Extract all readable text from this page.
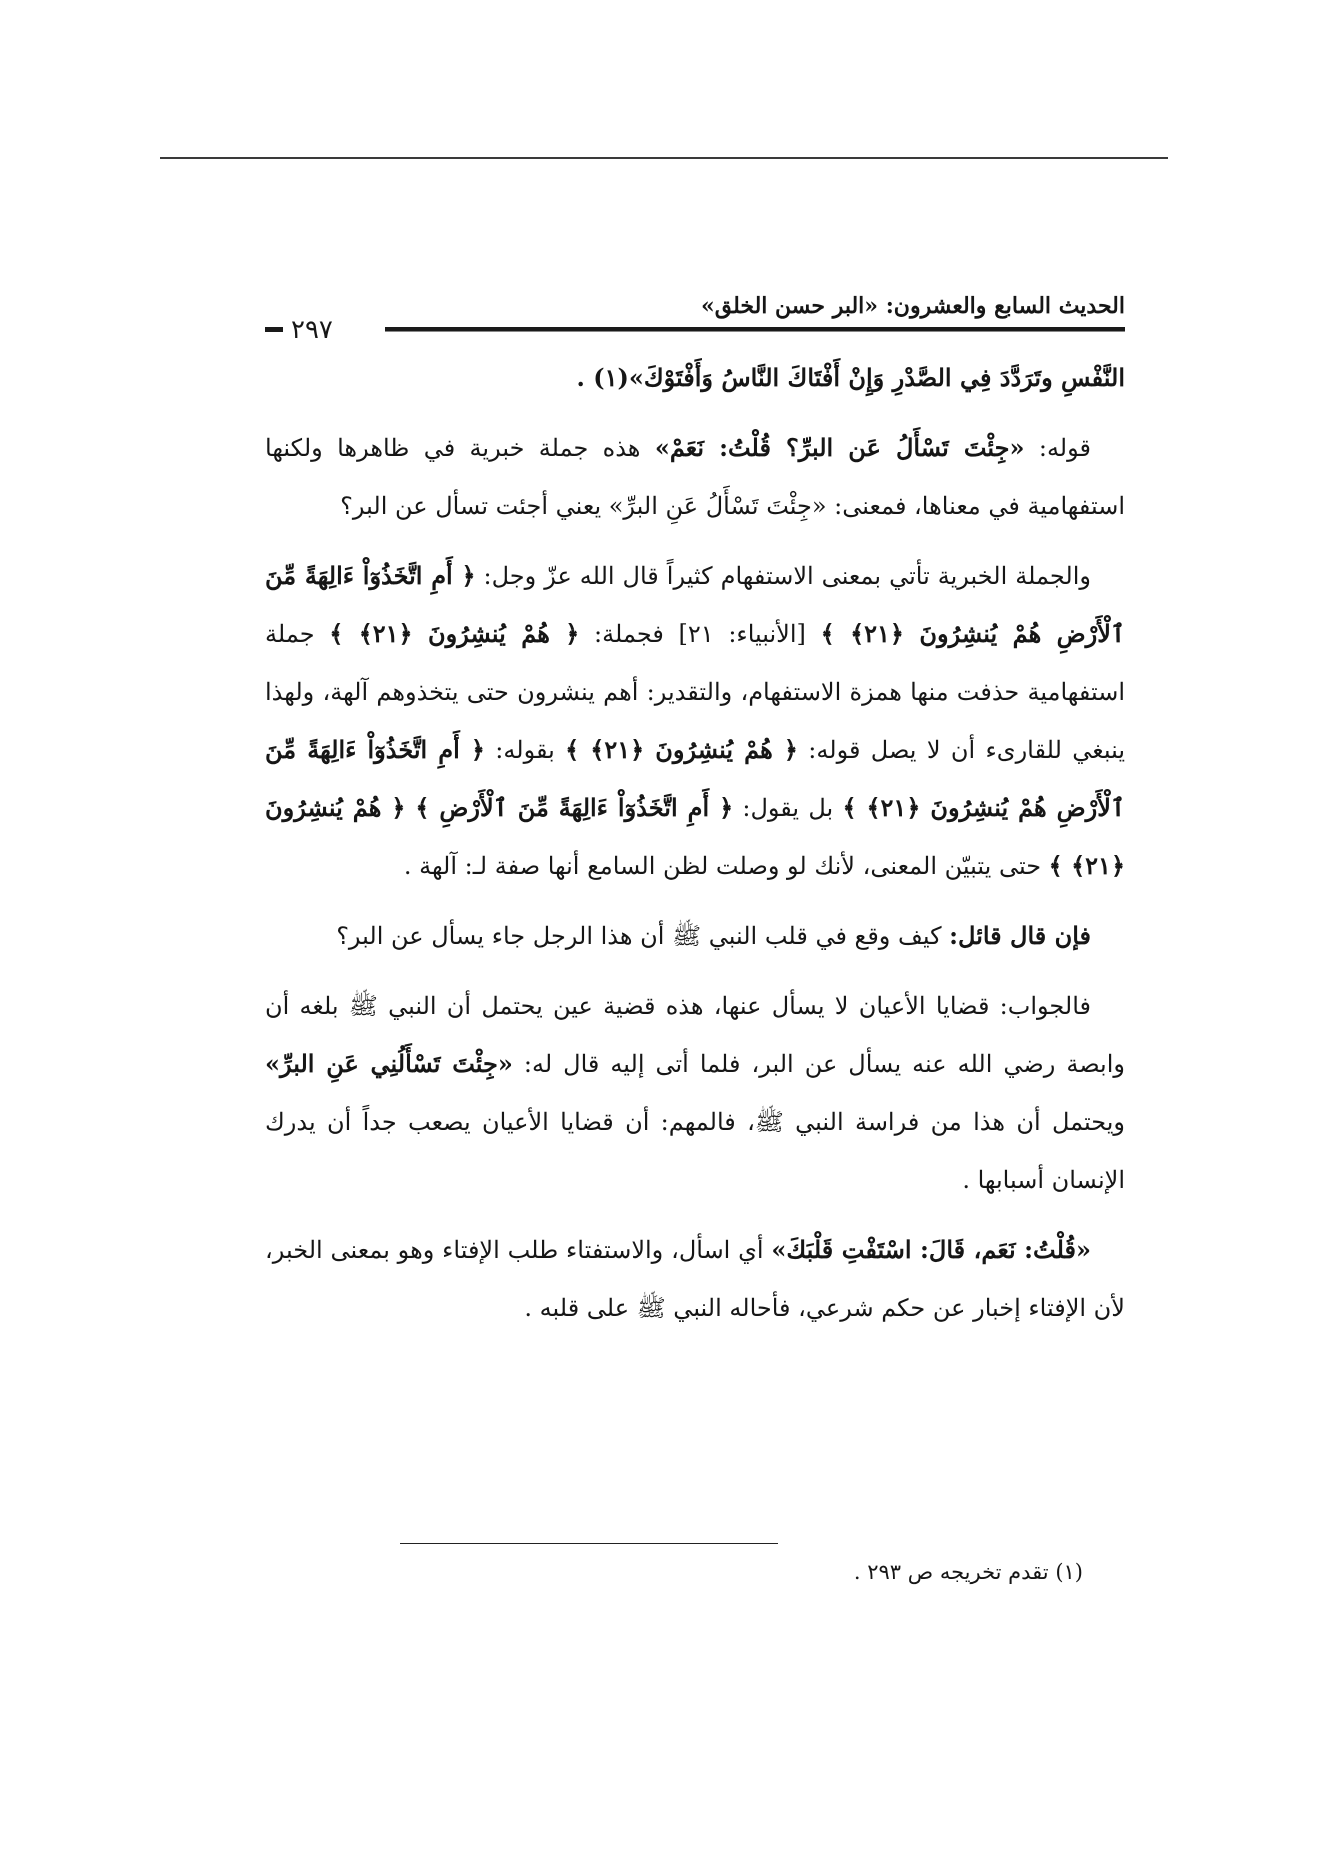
٢٩٧
الحديث السابع والعشرون: «البر حسن الخلق»

النَّفْسِ وتَرَدَّدَ فِي الصَّدْرِ وَإِنْ أَفْتَاكَ النَّاسُ وَأَفْتَوْكَ»(١) .

قوله: «جِئْتَ تَسْأَلُ عَن البرِّ؟ قُلْتُ: نَعَمْ» هذه جملة خبرية في ظاهرها ولكنها استفهامية في معناها، فمعنى: «جِئْتَ تَسْأَلُ عَنِ البرِّ» يعني أجئت تسأل عن البر؟

والجملة الخبرية تأتي بمعنى الاستفهام كثيراً قال الله عزّ وجل: ﴿ أَمِ اتَّخَذُوٓاْ ءَالِهَةً مِّنَ ٱلْأَرْضِ هُمْ يُنشِرُونَ ﴿٢١﴾ ﴾ [الأنبياء: ٢١] فجملة: ﴿ هُمْ يُنشِرُونَ ﴿٢١﴾ ﴾ جملة استفهامية حذفت منها همزة الاستفهام، والتقدير: أهم ينشرون حتى يتخذوهم آلهة، ولهذا ينبغي للقارىء أن لا يصل قوله: ﴿ هُمْ يُنشِرُونَ ﴿٢١﴾ ﴾ بقوله: ﴿ أَمِ اتَّخَذُوٓاْ ءَالِهَةً مِّنَ ٱلْأَرْضِ هُمْ يُنشِرُونَ ﴿٢١﴾ ﴾ بل يقول: ﴿ أَمِ اتَّخَذُوٓاْ ءَالِهَةً مِّنَ ٱلْأَرْضِ ﴾ ﴿ هُمْ يُنشِرُونَ ﴿٢١﴾ ﴾ حتى يتبيّن المعنى، لأنك لو وصلت لظن السامع أنها صفة لـ: آلهة .

فإن قال قائل: كيف وقع في قلب النبي ﷺ أن هذا الرجل جاء يسأل عن البر؟

فالجواب: قضايا الأعيان لا يسأل عنها، هذه قضية عين يحتمل أن النبي ﷺ بلغه أن وابصة رضي الله عنه يسأل عن البر، فلما أتى إليه قال له: «جِئْتَ تَسْأَلُنِي عَنِ البرِّ» ويحتمل أن هذا من فراسة النبي ﷺ، فالمهم: أن قضايا الأعيان يصعب جداً أن يدرك الإنسان أسبابها .

«قُلْتُ: نَعَم، قَالَ: اسْتَفْتِ قَلْبَكَ» أي اسأل، والاستفتاء طلب الإفتاء وهو بمعنى الخبر، لأن الإفتاء إخبار عن حكم شرعي، فأحاله النبي ﷺ على قلبه .

(١) تقدم تخريجه ص ٢٩٣ .
